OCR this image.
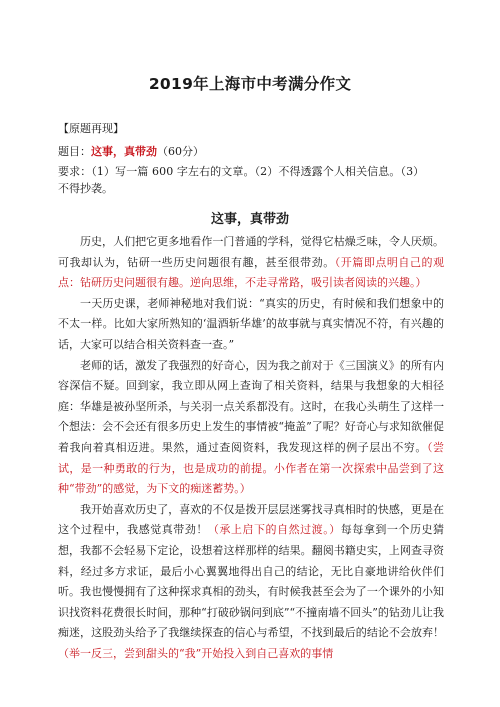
2019年上海市中考满分作文
【原题再现】
题目：这事，真带劲（60分）
要求：（1）写一篇 600 字左右的文章。（2）不得透露个人相关信息。（3）
不得抄袭。
这事，真带劲

历史，人们把它更多地看作一门普通的学科，觉得它枯燥乏味，令人厌烦。可我却认为，钻研一些历史问题很有趣，甚至很带劲。（开篇即点明自己的观点：钻研历史问题很有趣。逆向思维，不走寻常路，吸引读者阅读的兴趣。）

一天历史课，老师神秘地对我们说：“真实的历史，有时候和我们想象中的不太一样。比如大家所熟知的‘温酒斩华雄’的故事就与真实情况不符，有兴趣的话，大家可以结合相关资料查一查。”

老师的话，激发了我强烈的好奇心，因为我之前对于《三国演义》的所有内容深信不疑。回到家，我立即从网上查询了相关资料，结果与我想象的大相径庭：华雄是被孙坚所杀，与关羽一点关系都没有。这时，在我心头萌生了这样一个想法：会不会还有很多历史上发生的事情被“掩盖”了呢？好奇心与求知欲催促着我向着真相迈进。果然，通过查阅资料，我发现这样的例子层出不穷。（尝试，是一种勇敢的行为，也是成功的前提。小作者在第一次探索中品尝到了这种“带劲”的感觉，为下文的痴迷蓄势。）

我开始喜欢历史了，喜欢的不仅是拨开层层迷雾找寻真相时的快感，更是在这个过程中，我感觉真带劲！（承上启下的自然过渡。）每每拿到一个历史猜想，我都不会轻易下定论，设想着这样那样的结果。翻阅书籍史实，上网查寻资料，经过多方求证，最后小心翼翼地得出自己的结论，无比自豪地讲给伙伴们听。我也慢慢拥有了这种探求真相的劲头，有时候我甚至会为了一个课外的小知识找资料花费很长时间，那种“打破砂锅问到底”“不撞南墙不回头”的钻劲儿让我痴迷，这股劲头给予了我继续探查的信心与希望，不找到最后的结论不会放弃！（举一反三，尝到甜头的“我”开始投入到自己喜欢的事情
